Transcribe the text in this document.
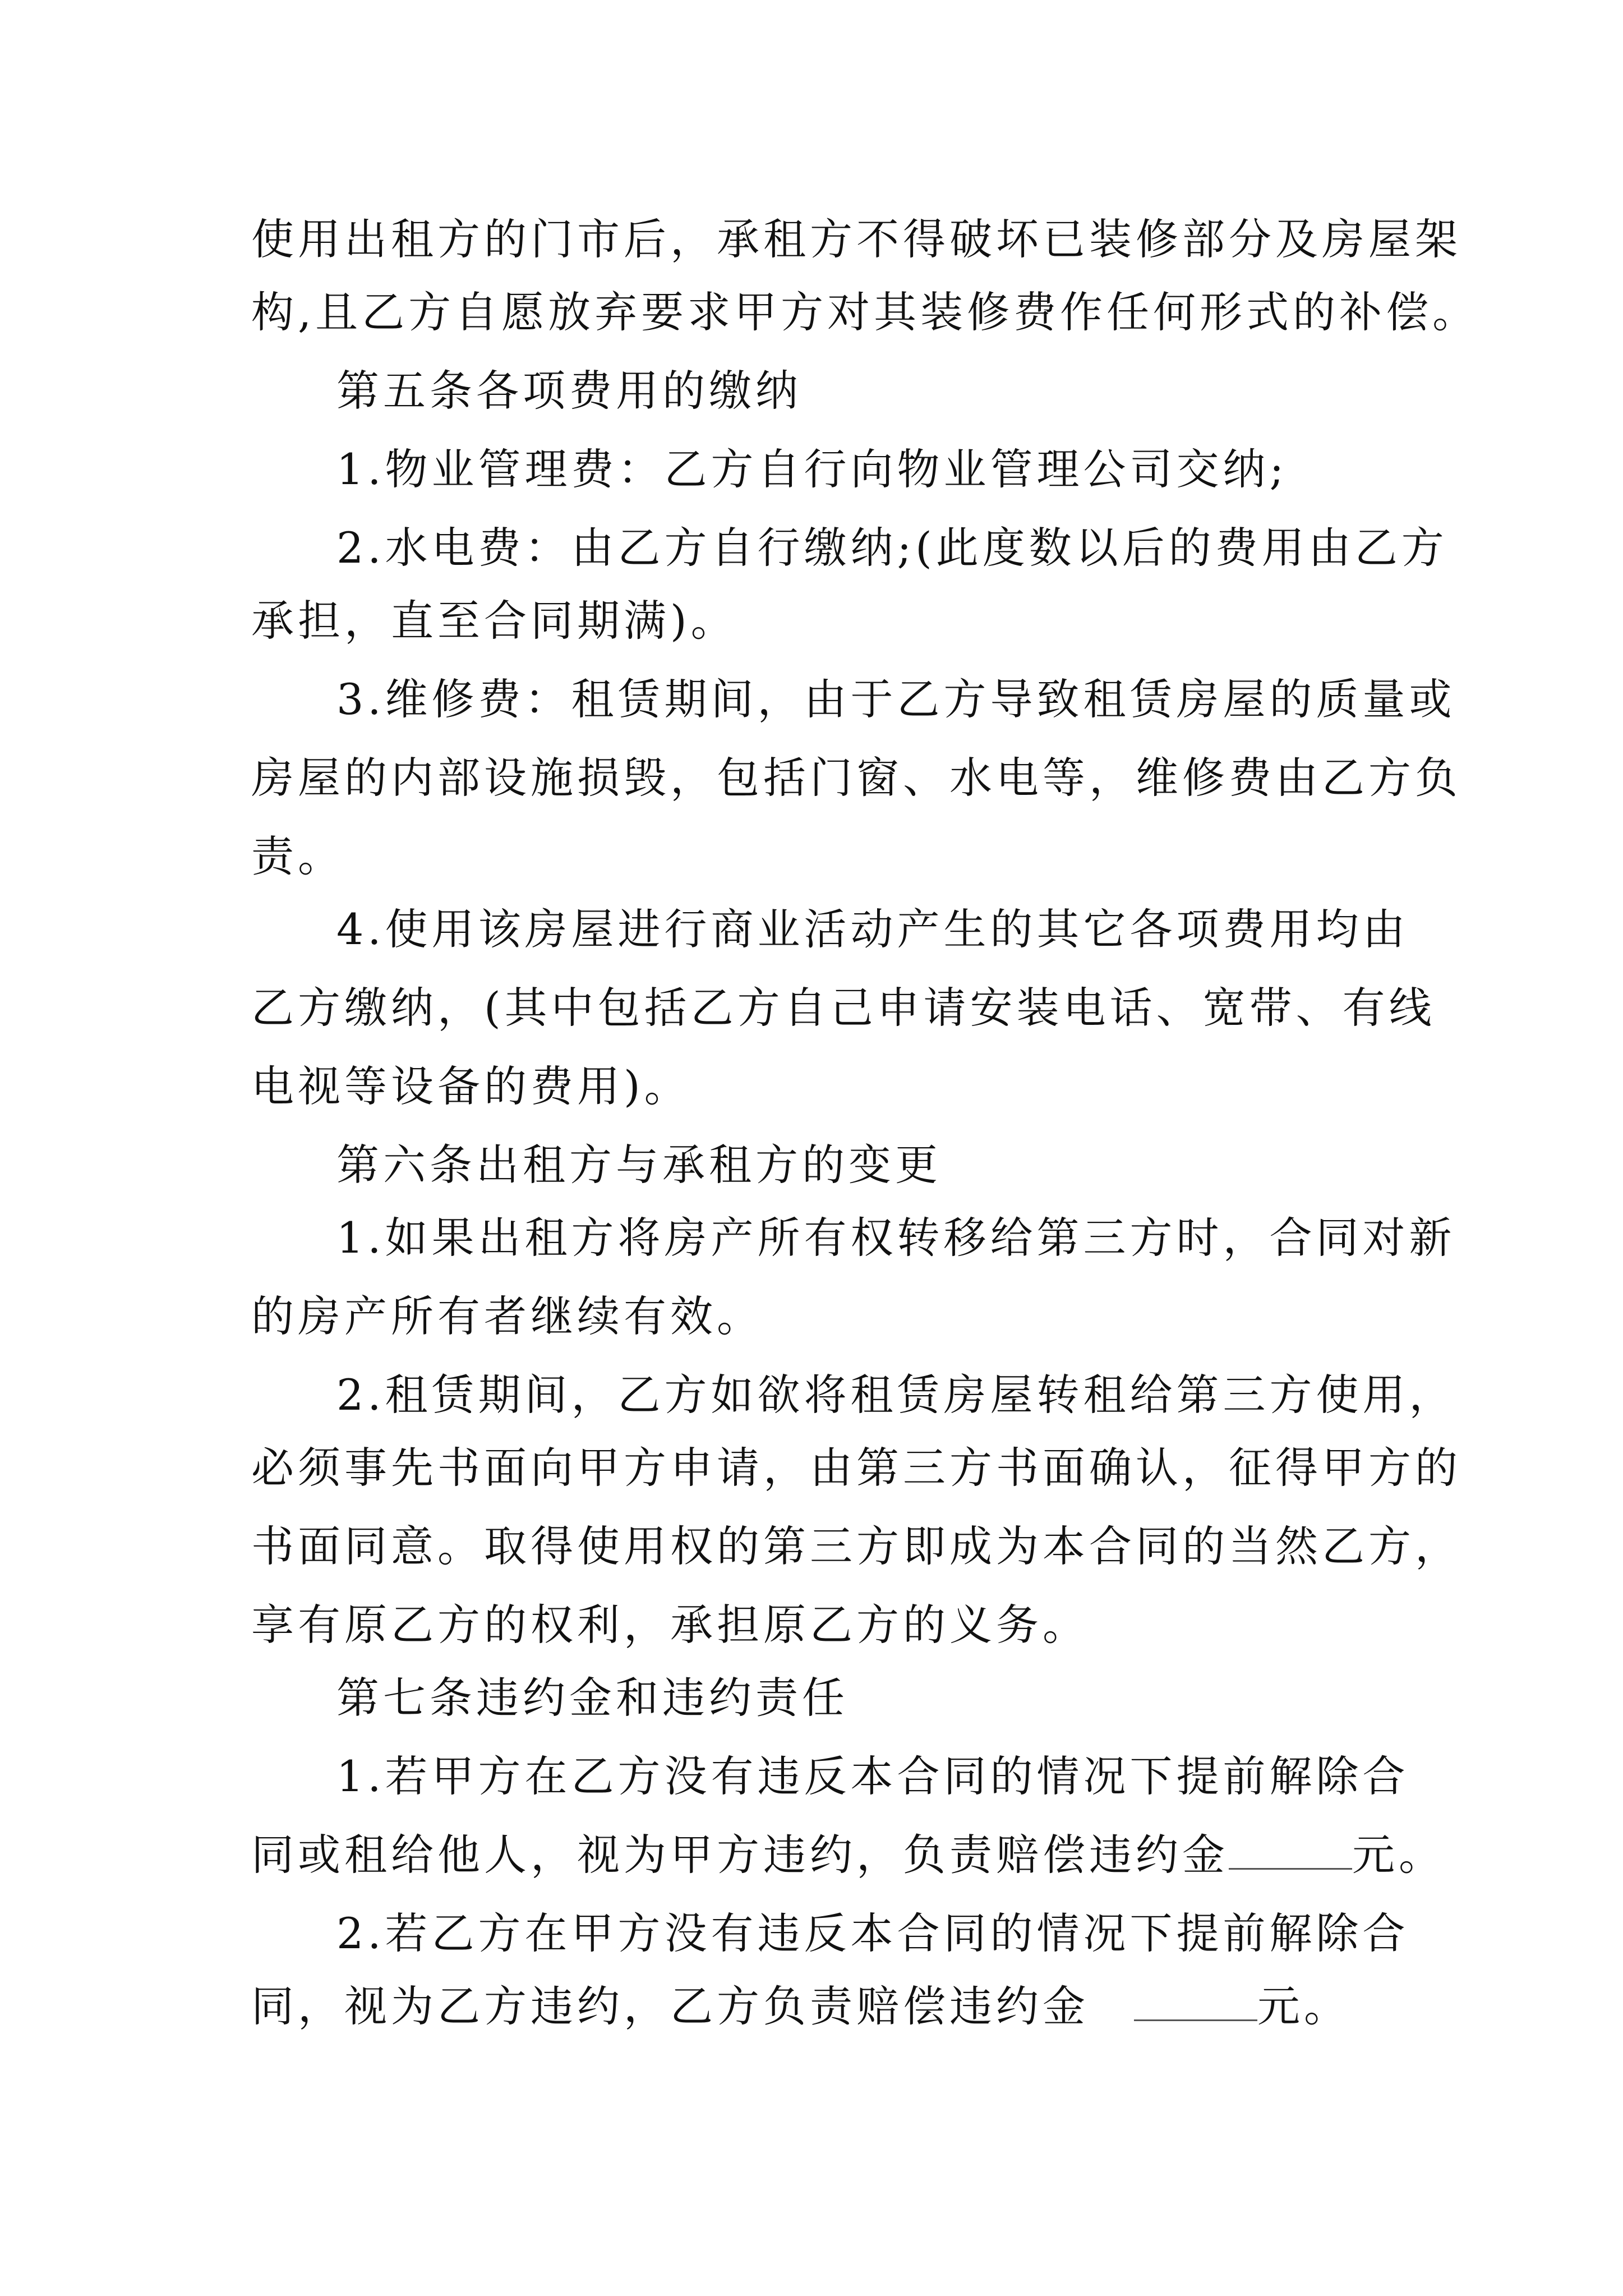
使用出租方的门市后，承租方不得破坏已装修部分及房屋架
构,且乙方自愿放弃要求甲方对其装修费作任何形式的补偿。
第五条各项费用的缴纳
1.物业管理费：乙方自行向物业管理公司交纳;
2.水电费：由乙方自行缴纳;(此度数以后的费用由乙方
承担，直至合同期满)。
3.维修费：租赁期间，由于乙方导致租赁房屋的质量或
房屋的内部设施损毁，包括门窗、水电等，维修费由乙方负
责。
4.使用该房屋进行商业活动产生的其它各项费用均由
乙方缴纳，(其中包括乙方自己申请安装电话、宽带、有线
电视等设备的费用)。
第六条出租方与承租方的变更
1.如果出租方将房产所有权转移给第三方时，合同对新
的房产所有者继续有效。
2.租赁期间，乙方如欲将租赁房屋转租给第三方使用，
必须事先书面向甲方申请，由第三方书面确认，征得甲方的
书面同意。取得使用权的第三方即成为本合同的当然乙方，
享有原乙方的权利，承担原乙方的义务。
第七条违约金和违约责任
1.若甲方在乙方没有违反本合同的情况下提前解除合
同或租给他人，视为甲方违约，负责赔偿违约金	元。
2.若乙方在甲方没有违反本合同的情况下提前解除合
同，视为乙方违约，乙方负责赔偿违约金	元。
